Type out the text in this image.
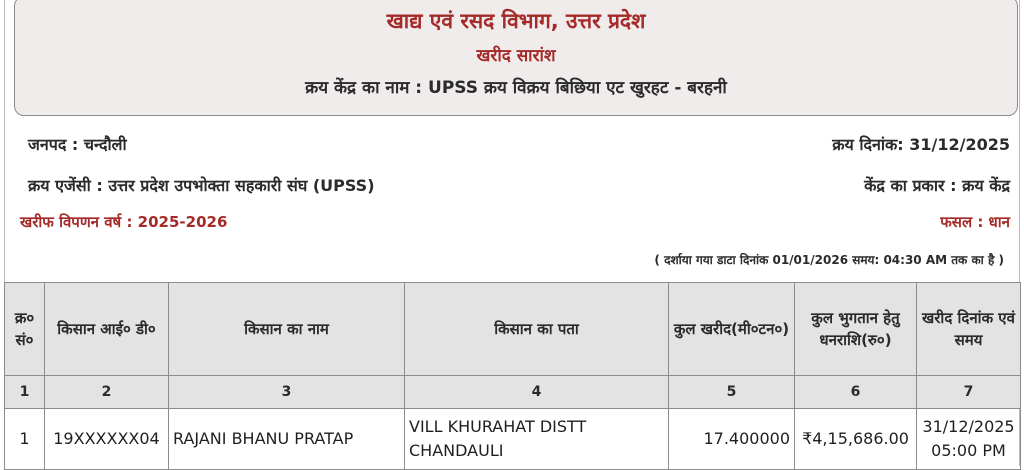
खाद्य एवं रसद विभाग, उत्तर प्रदेश
खरीद सारांश
क्रय केंद्र का नाम : UPSS क्रय विक्रय बिछिया एट खुरहट - बरहनी
जनपद : चन्दौली	क्रय दिनांक: 31/12/2025
क्रय एजेंसी : उत्तर प्रदेश उपभोक्ता सहकारी संघ (UPSS)	केंद्र का प्रकार : क्रय केंद्र
खरीफ विपणन वर्ष : 2025-2026	फसल : धान
( दर्शाया गया डाटा दिनांक 01/01/2026 समय: 04:30 AM तक का है )
क्र० सं०	किसान आई० डी०	किसान का नाम	किसान का पता	कुल खरीद(मी०टन०)	कुल भुगतान हेतु धनराशि(रु०)	खरीद दिनांक एवं समय
1	2	3	4	5	6	7
1	19XXXXXX04	RAJANI BHANU PRATAP	VILL KHURAHAT DISTT CHANDAULI	17.400000	₹4,15,686.00	31/12/2025 05:00 PM
